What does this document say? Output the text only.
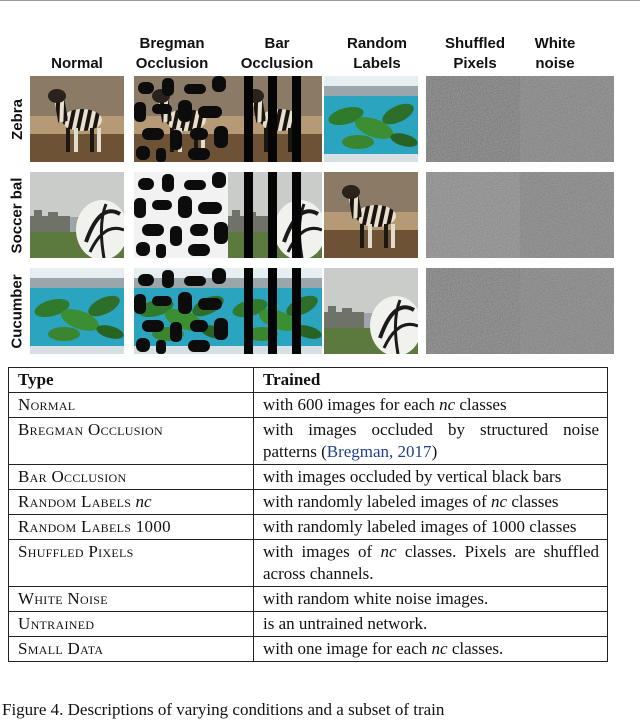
Normal
Bregman
Occlusion
Bar
Occlusion
Random
Labels
Shuffled
Pixels
White
noise
Zebra
Soccer bal
Cucumber
Type	Trained
Normal	with 600 images for each nc classes
Bregman Occlusion	with images occluded by structured noise patterns (Bregman, 2017)
Bar Occlusion	with images occluded by vertical black bars
Random Labels nc	with randomly labeled images of nc classes
Random Labels 1000	with randomly labeled images of 1000 classes
Shuffled Pixels	with images of nc classes. Pixels are shuffled across channels.
White Noise	with random white noise images.
Untrained	is an untrained network.
Small Data	with one image for each nc classes.
Figure 4. Descriptions of varying conditions and a subset of train
